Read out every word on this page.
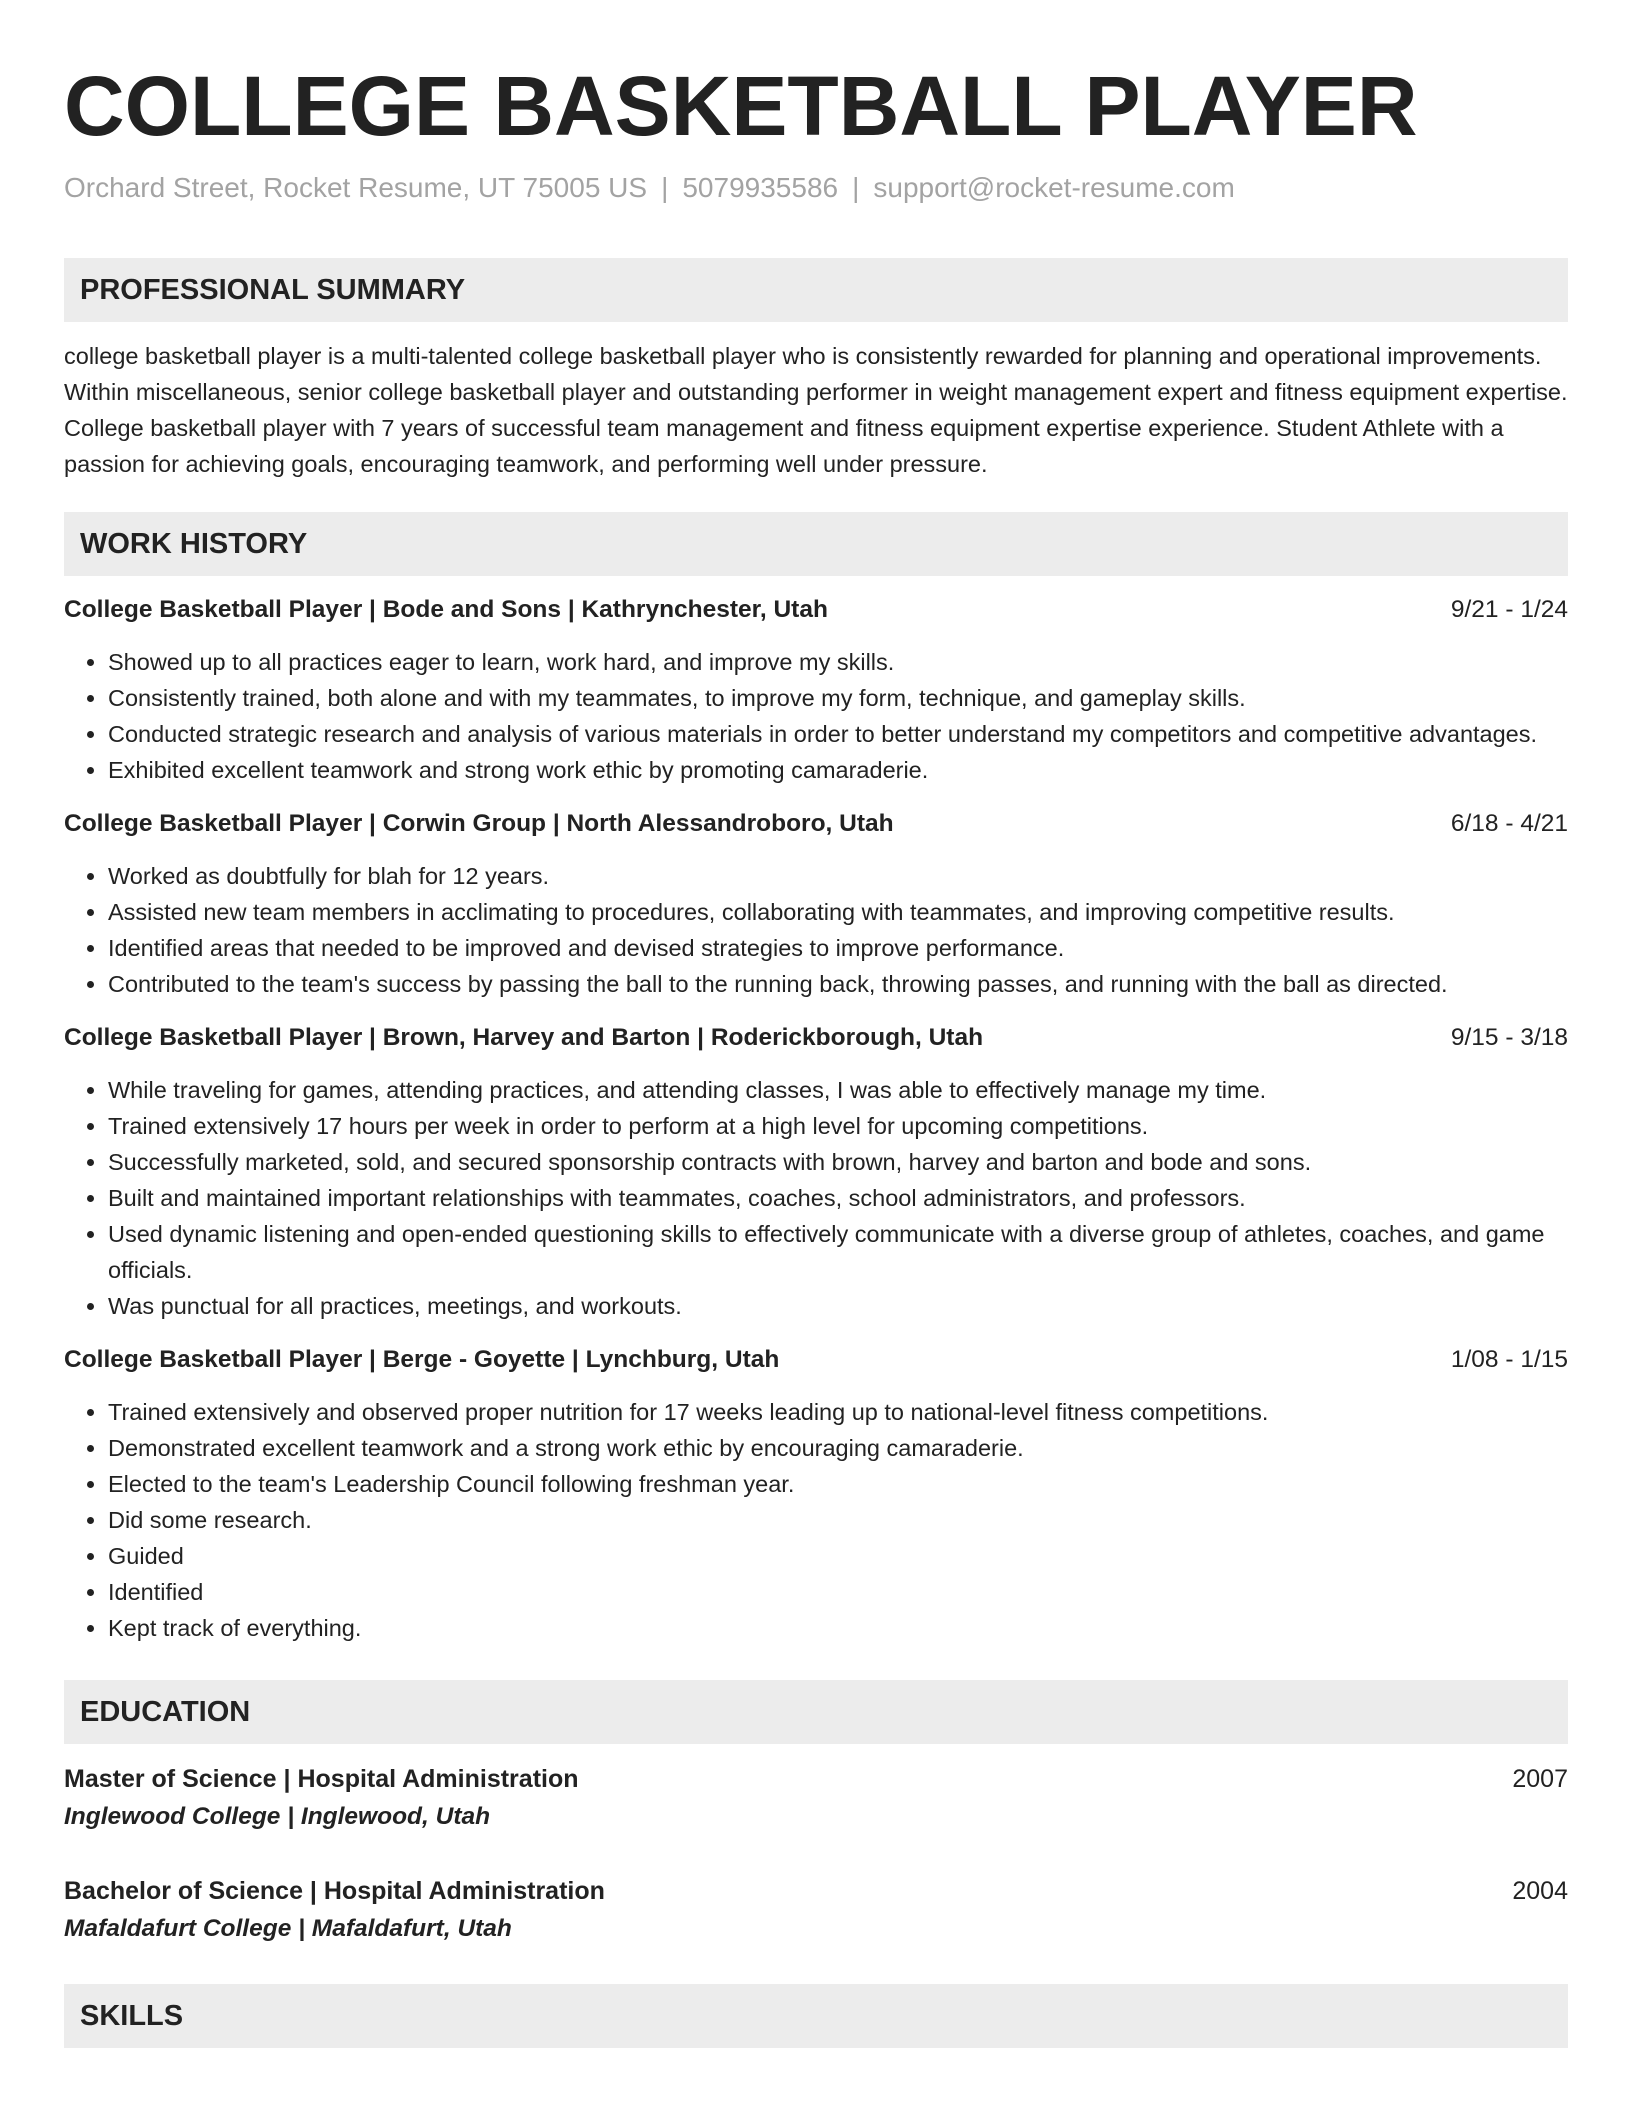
COLLEGE BASKETBALL PLAYER
Orchard Street, Rocket Resume, UT 75005 US | 5079935586 | support@rocket-resume.com
PROFESSIONAL SUMMARY
college basketball player is a multi-talented college basketball player who is consistently rewarded for planning and operational improvements. Within miscellaneous, senior college basketball player and outstanding performer in weight management expert and fitness equipment expertise. College basketball player with 7 years of successful team management and fitness equipment expertise experience. Student Athlete with a passion for achieving goals, encouraging teamwork, and performing well under pressure.
WORK HISTORY
College Basketball Player | Bode and Sons | Kathrynchester, Utah	9/21 - 1/24
• Showed up to all practices eager to learn, work hard, and improve my skills.
• Consistently trained, both alone and with my teammates, to improve my form, technique, and gameplay skills.
• Conducted strategic research and analysis of various materials in order to better understand my competitors and competitive advantages.
• Exhibited excellent teamwork and strong work ethic by promoting camaraderie.
College Basketball Player | Corwin Group | North Alessandroboro, Utah	6/18 - 4/21
• Worked as doubtfully for blah for 12 years.
• Assisted new team members in acclimating to procedures, collaborating with teammates, and improving competitive results.
• Identified areas that needed to be improved and devised strategies to improve performance.
• Contributed to the team's success by passing the ball to the running back, throwing passes, and running with the ball as directed.
College Basketball Player | Brown, Harvey and Barton | Roderickborough, Utah	9/15 - 3/18
• While traveling for games, attending practices, and attending classes, I was able to effectively manage my time.
• Trained extensively 17 hours per week in order to perform at a high level for upcoming competitions.
• Successfully marketed, sold, and secured sponsorship contracts with brown, harvey and barton and bode and sons.
• Built and maintained important relationships with teammates, coaches, school administrators, and professors.
• Used dynamic listening and open-ended questioning skills to effectively communicate with a diverse group of athletes, coaches, and game officials.
• Was punctual for all practices, meetings, and workouts.
College Basketball Player | Berge - Goyette | Lynchburg, Utah	1/08 - 1/15
• Trained extensively and observed proper nutrition for 17 weeks leading up to national-level fitness competitions.
• Demonstrated excellent teamwork and a strong work ethic by encouraging camaraderie.
• Elected to the team's Leadership Council following freshman year.
• Did some research.
• Guided
• Identified
• Kept track of everything.
EDUCATION
Master of Science | Hospital Administration	2007
Inglewood College | Inglewood, Utah
Bachelor of Science | Hospital Administration	2004
Mafaldafurt College | Mafaldafurt, Utah
SKILLS
